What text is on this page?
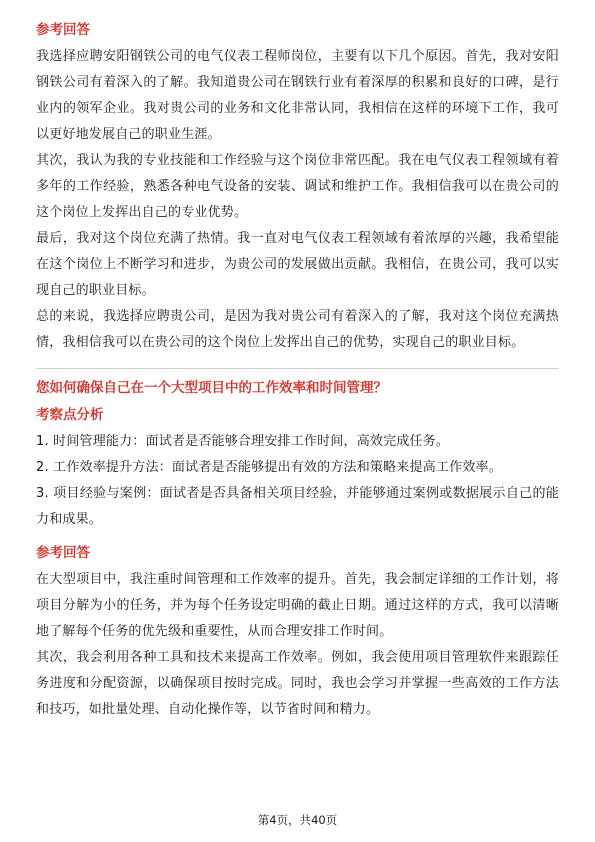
参考回答

我选择应聘安阳钢铁公司的电气仪表工程师岗位，主要有以下几个原因。首先，我对安阳钢铁公司有着深入的了解。我知道贵公司在钢铁行业有着深厚的积累和良好的口碑，是行业内的领军企业。我对贵公司的业务和文化非常认同，我相信在这样的环境下工作，我可以更好地发展自己的职业生涯。

其次，我认为我的专业技能和工作经验与这个岗位非常匹配。我在电气仪表工程领域有着多年的工作经验，熟悉各种电气设备的安装、调试和维护工作。我相信我可以在贵公司的这个岗位上发挥出自己的专业优势。

最后，我对这个岗位充满了热情。我一直对电气仪表工程领域有着浓厚的兴趣，我希望能在这个岗位上不断学习和进步，为贵公司的发展做出贡献。我相信，在贵公司，我可以实现自己的职业目标。

总的来说，我选择应聘贵公司，是因为我对贵公司有着深入的了解，我对这个岗位充满热情，我相信我可以在贵公司的这个岗位上发挥出自己的优势，实现自己的职业目标。

您如何确保自己在一个大型项目中的工作效率和时间管理？
考察点分析
1. 时间管理能力：面试者是否能够合理安排工作时间，高效完成任务。
2. 工作效率提升方法：面试者是否能够提出有效的方法和策略来提高工作效率。
3. 项目经验与案例：面试者是否具备相关项目经验，并能够通过案例或数据展示自己的能力和成果。
参考回答

在大型项目中，我注重时间管理和工作效率的提升。首先，我会制定详细的工作计划，将项目分解为小的任务，并为每个任务设定明确的截止日期。通过这样的方式，我可以清晰地了解每个任务的优先级和重要性，从而合理安排工作时间。

其次，我会利用各种工具和技术来提高工作效率。例如，我会使用项目管理软件来跟踪任务进度和分配资源，以确保项目按时完成。同时，我也会学习并掌握一些高效的工作方法和技巧，如批量处理、自动化操作等，以节省时间和精力。

第4页，共40页
